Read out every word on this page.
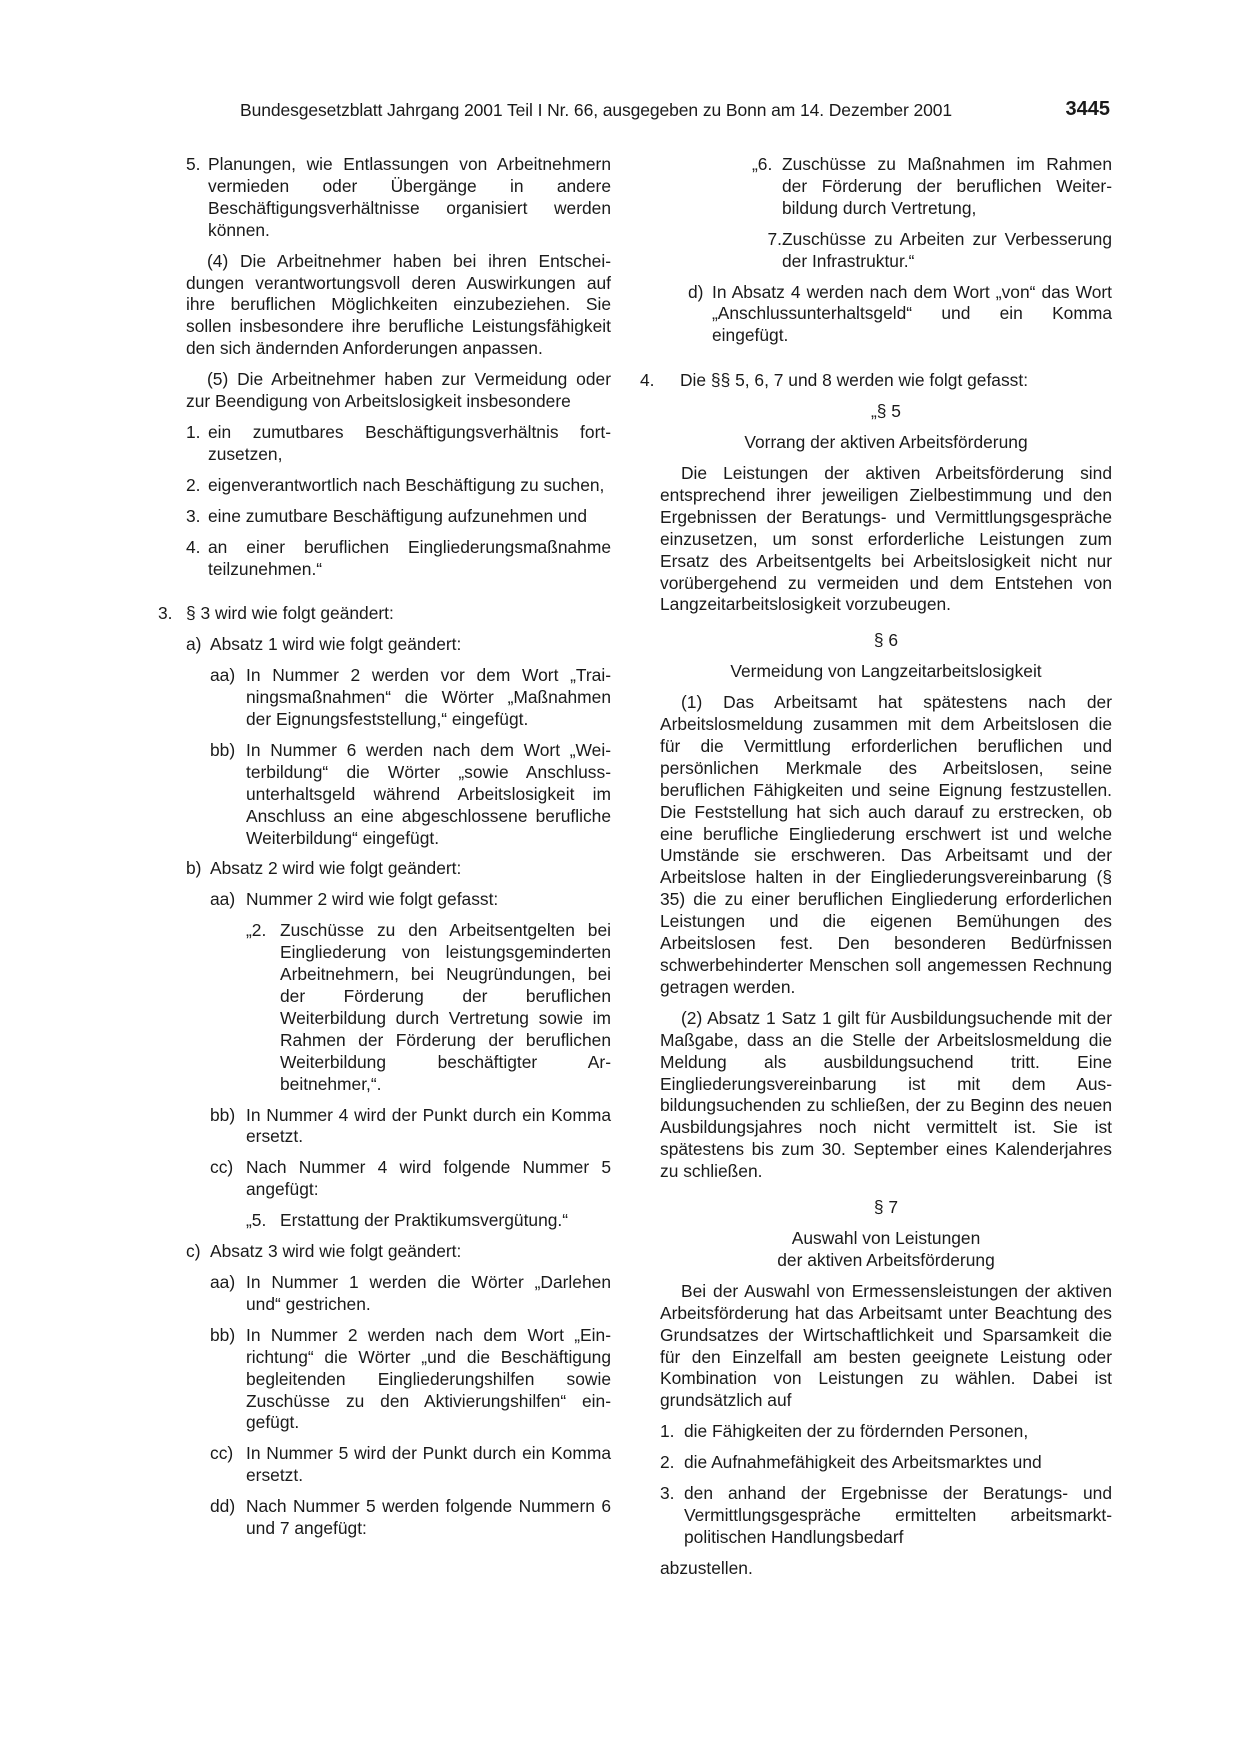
Bundesgesetzblatt Jahrgang 2001 Teil I Nr. 66, ausgegeben zu Bonn am 14. Dezember 2001	3445
5. Planungen, wie Entlassungen von Arbeitnehmern vermieden oder Übergänge in andere Beschäftigungsverhältnisse organisiert werden können.

(4) Die Arbeitnehmer haben bei ihren Entscheidungen verantwortungsvoll deren Auswirkungen auf ihre beruflichen Möglichkeiten einzubeziehen. Sie sollen insbesondere ihre berufliche Leistungsfähigkeit den sich ändernden Anforderungen anpassen.

(5) Die Arbeitnehmer haben zur Vermeidung oder zur Beendigung von Arbeitslosigkeit insbesondere

1. ein zumutbares Beschäftigungsverhältnis fortzusetzen,
2. eigenverantwortlich nach Beschäftigung zu suchen,
3. eine zumutbare Beschäftigung aufzunehmen und
4. an einer beruflichen Eingliederungsmaßnahme teilzunehmen.“
3. § 3 wird wie folgt geändert:
a) Absatz 1 wird wie folgt geändert:
aa) In Nummer 2 werden vor dem Wort „Trainingsmaßnahmen“ die Wörter „Maßnahmen der Eignungsfeststellung,“ eingefügt.
bb) In Nummer 6 werden nach dem Wort „Weiterbildung“ die Wörter „sowie Anschlussunterhaltsgeld während Arbeitslosigkeit im Anschluss an eine abgeschlossene berufliche Weiterbildung“ eingefügt.
b) Absatz 2 wird wie folgt geändert:
aa) Nummer 2 wird wie folgt gefasst:
„2. Zuschüsse zu den Arbeitsentgelten bei Eingliederung von leistungsgeminderten Arbeitnehmern, bei Neugründungen, bei der Förderung der beruflichen Weiterbildung durch Vertretung sowie im Rahmen der Förderung der beruflichen Weiterbildung beschäftigter Arbeitnehmer,“.
bb) In Nummer 4 wird der Punkt durch ein Komma ersetzt.
cc) Nach Nummer 4 wird folgende Nummer 5 angefügt:
„5. Erstattung der Praktikumsvergütung.“
c) Absatz 3 wird wie folgt geändert:
aa) In Nummer 1 werden die Wörter „Darlehen und“ gestrichen.
bb) In Nummer 2 werden nach dem Wort „Einrichtung“ die Wörter „und die Beschäftigung begleitenden Eingliederungshilfen sowie Zuschüsse zu den Aktivierungshilfen“ eingefügt.
cc) In Nummer 5 wird der Punkt durch ein Komma ersetzt.
dd) Nach Nummer 5 werden folgende Nummern 6 und 7 angefügt:
„6. Zuschüsse zu Maßnahmen im Rahmen der Förderung der beruflichen Weiterbildung durch Vertretung,
7. Zuschüsse zu Arbeiten zur Verbesserung der Infrastruktur.“
d) In Absatz 4 werden nach dem Wort „von“ das Wort „Anschlussunterhaltsgeld“ und ein Komma eingefügt.
4.	Die §§ 5, 6, 7 und 8 werden wie folgt gefasst:

„§ 5

Vorrang der aktiven Arbeitsförderung

Die Leistungen der aktiven Arbeitsförderung sind entsprechend ihrer jeweiligen Zielbestimmung und den Ergebnissen der Beratungs- und Vermittlungsgespräche einzusetzen, um sonst erforderliche Leistungen zum Ersatz des Arbeitsentgelts bei Arbeitslosigkeit nicht nur vorübergehend zu vermeiden und dem Entstehen von Langzeitarbeitslosigkeit vorzubeugen.

§ 6

Vermeidung von Langzeitarbeitslosigkeit

(1) Das Arbeitsamt hat spätestens nach der Arbeitslosmeldung zusammen mit dem Arbeitslosen die für die Vermittlung erforderlichen beruflichen und persönlichen Merkmale des Arbeitslosen, seine beruflichen Fähigkeiten und seine Eignung festzustellen. Die Feststellung hat sich auch darauf zu erstrecken, ob eine berufliche Eingliederung erschwert ist und welche Umstände sie erschweren. Das Arbeitsamt und der Arbeitslose halten in der Eingliederungsvereinbarung (§ 35) die zu einer beruflichen Eingliederung erforderlichen Leistungen und die eigenen Bemühungen des Arbeitslosen fest. Den besonderen Bedürfnissen schwerbehinderter Menschen soll angemessen Rechnung getragen werden.

(2) Absatz 1 Satz 1 gilt für Ausbildungsuchende mit der Maßgabe, dass an die Stelle der Arbeitslosmeldung die Meldung als ausbildungsuchend tritt. Eine Eingliederungsvereinbarung ist mit dem Ausbildungsuchenden zu schließen, der zu Beginn des neuen Ausbildungsjahres noch nicht vermittelt ist. Sie ist spätestens bis zum 30. September eines Kalenderjahres zu schließen.

§ 7

Auswahl von Leistungen

der aktiven Arbeitsförderung

Bei der Auswahl von Ermessensleistungen der aktiven Arbeitsförderung hat das Arbeitsamt unter Beachtung des Grundsatzes der Wirtschaftlichkeit und Sparsamkeit die für den Einzelfall am besten geeignete Leistung oder Kombination von Leistungen zu wählen. Dabei ist grundsätzlich auf

1. die Fähigkeiten der zu fördernden Personen,
2. die Aufnahmefähigkeit des Arbeitsmarktes und
3. den anhand der Ergebnisse der Beratungs- und Vermittlungsgespräche ermittelten arbeitsmarktpolitischen Handlungsbedarf

abzustellen.
